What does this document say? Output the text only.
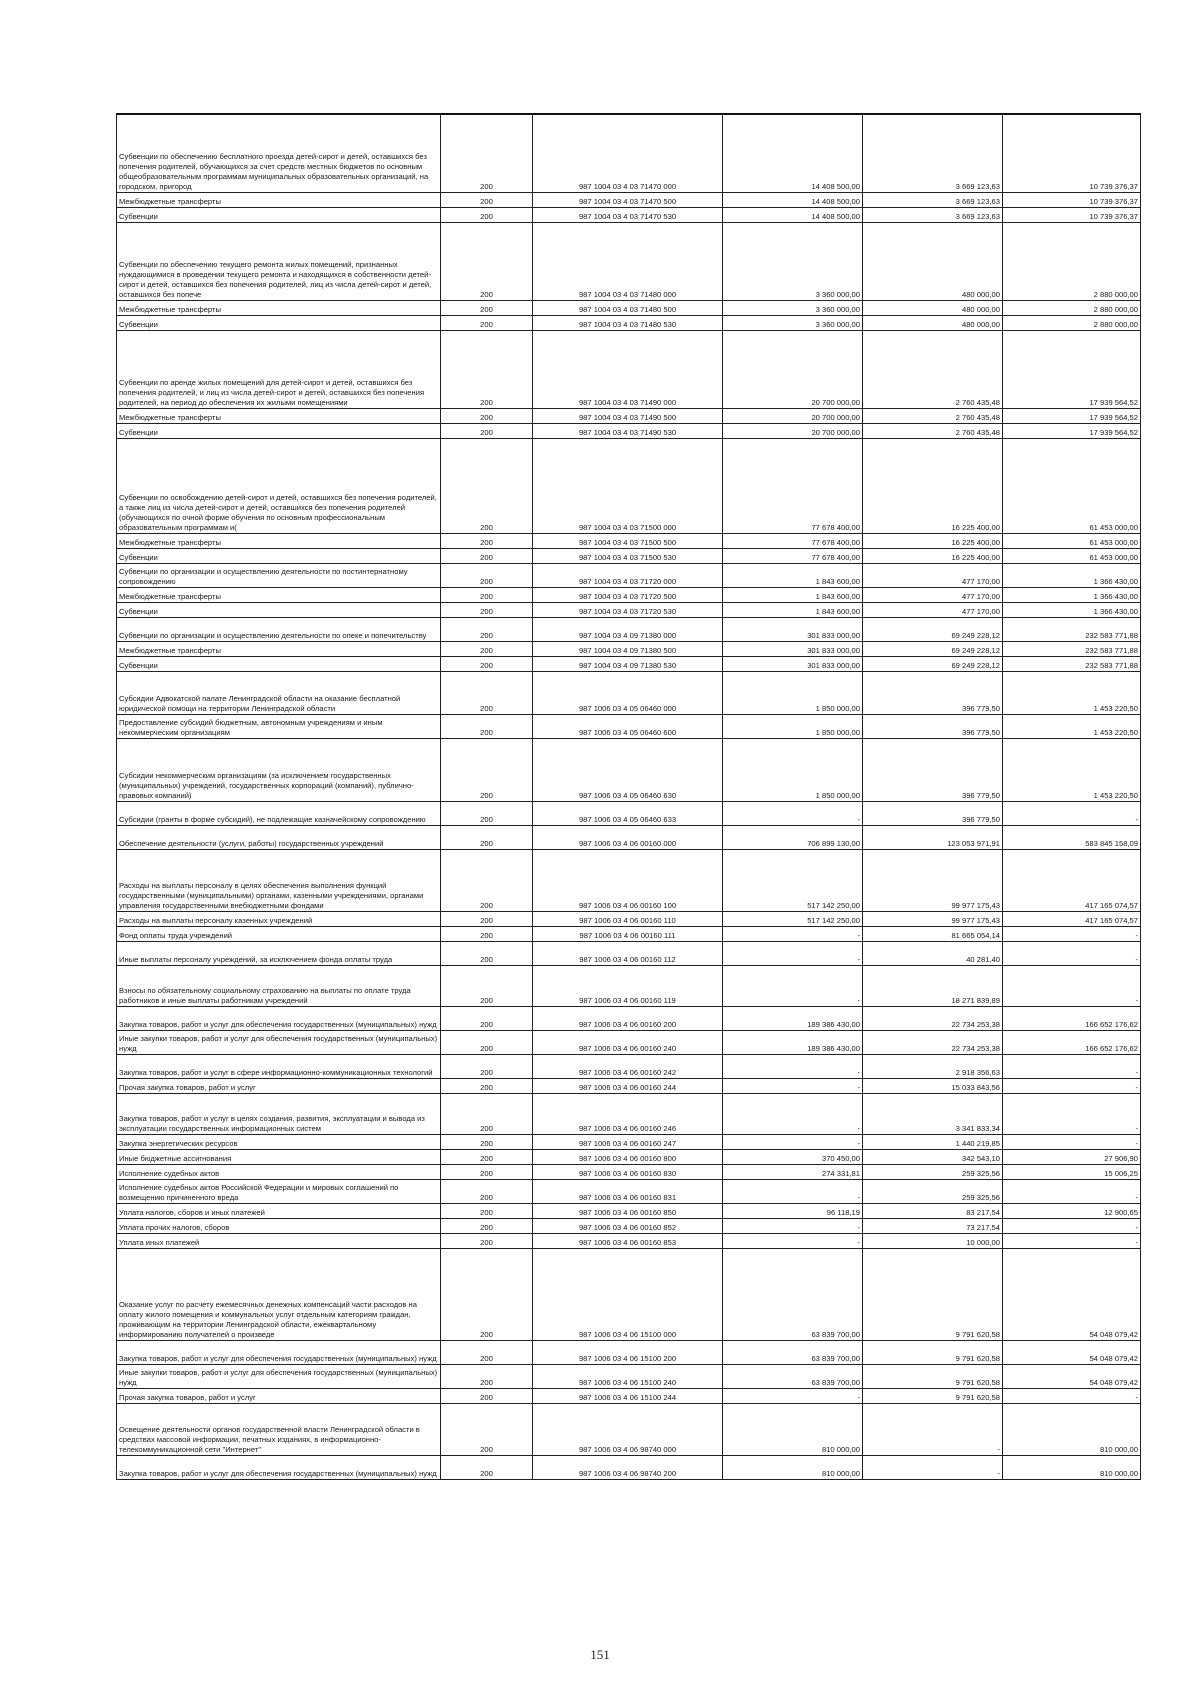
Субвенции по обеспечению бесплатного проезда детей-сирот и детей, оставшихся без попечения родителей, обучающихся за счет средств местных бюджетов по основным общеобразовательным программам муниципальных образовательных организаций, на городском, пригород	200	987 1004 03 4 03 71470 000	14 408 500,00	3 669 123,63	10 739 376,37
Межбюджетные трансферты	200	987 1004 03 4 03 71470 500	14 408 500,00	3 669 123,63	10 739 376,37
Субвенции	200	987 1004 03 4 03 71470 530	14 408 500,00	3 669 123,63	10 739 376,37
Субвенции по обеспечению текущего ремонта жилых помещений, признанных нуждающимися в проведении текущего ремонта и находящихся в собственности детей-сирот и детей, оставшихся без попечения родителей, лиц из числа детей-сирот и детей, оставшихся без попече	200	987 1004 03 4 03 71480 000	3 360 000,00	480 000,00	2 880 000,00
Межбюджетные трансферты	200	987 1004 03 4 03 71480 500	3 360 000,00	480 000,00	2 880 000,00
Субвенции	200	987 1004 03 4 03 71480 530	3 360 000,00	480 000,00	2 880 000,00
Субвенции по аренде жилых помещений для детей-сирот и детей, оставшихся без попечения родителей, и лиц из числа детей-сирот и детей, оставшихся без попечения родителей, на период до обеспечения их жилыми помещениями	200	987 1004 03 4 03 71490 000	20 700 000,00	2 760 435,48	17 939 564,52
Межбюджетные трансферты	200	987 1004 03 4 03 71490 500	20 700 000,00	2 760 435,48	17 939 564,52
Субвенции	200	987 1004 03 4 03 71490 530	20 700 000,00	2 760 435,48	17 939 564,52
Субвенции по освобождению детей-сирот и детей, оставшихся без попечения родителей, а также лиц из числа детей-сирот и детей, оставшихся без попечения родителей (обучающихся по очной форме обучения по основным профессиональным образовательным программам и(	200	987 1004 03 4 03 71500 000	77 678 400,00	16 225 400,00	61 453 000,00
Межбюджетные трансферты	200	987 1004 03 4 03 71500 500	77 678 400,00	16 225 400,00	61 453 000,00
Субвенции	200	987 1004 03 4 03 71500 530	77 678 400,00	16 225 400,00	61 453 000,00
Субвенции по организации и осуществлению деятельности по постинтернатному сопровождению	200	987 1004 03 4 03 71720 000	1 843 600,00	477 170,00	1 366 430,00
Межбюджетные трансферты	200	987 1004 03 4 03 71720 500	1 843 600,00	477 170,00	1 366 430,00
Субвенции	200	987 1004 03 4 03 71720 530	1 843 600,00	477 170,00	1 366 430,00
Субвенции по организации и осуществлению деятельности по опеке и попечительству	200	987 1004 03 4 09 71380 000	301 833 000,00	69 249 228,12	232 583 771,88
Межбюджетные трансферты	200	987 1004 03 4 09 71380 500	301 833 000,00	69 249 228,12	232 583 771,88
Субвенции	200	987 1004 03 4 09 71380 530	301 833 000,00	69 249 228,12	232 583 771,88
Субсидии Адвокатской палате Ленинградской области на оказание бесплатной юридической помощи на территории Ленинградской области	200	987 1006 03 4 05 06460 000	1 850 000,00	396 779,50	1 453 220,50
Предоставление субсидий бюджетным, автономным учреждениям и иным некоммерческим организациям	200	987 1006 03 4 05 06460 600	1 850 000,00	396 779,50	1 453 220,50
Субсидии некоммерческим организациям (за исключением государственных (муниципальных) учреждений, государственных корпораций (компаний), публично-правовых компаний)	200	987 1006 03 4 05 06460 630	1 850 000,00	396 779,50	1 453 220,50
Субсидии (гранты в форме субсидий), не подлежащие казначейскому сопровождению	200	987 1006 03 4 05 06460 633	-	396 779,50	-
Обеспечение деятельности (услуги, работы) государственных учреждений	200	987 1006 03 4 06 00160 000	706 899 130,00	123 053 971,91	583 845 158,09
Расходы на выплаты персоналу в целях обеспечения выполнения функций государственными (муниципальными) органами, казенными учреждениями, органами управления государственными внебюджетными фондами	200	987 1006 03 4 06 00160 100	517 142 250,00	99 977 175,43	417 165 074,57
Расходы на выплаты персоналу казенных учреждений	200	987 1006 03 4 06 00160 110	517 142 250,00	99 977 175,43	417 165 074,57
Фонд оплаты труда учреждений	200	987 1006 03 4 06 00160 111	-	81 665 054,14	-
Иные выплаты персоналу учреждений, за исключением фонда оплаты труда	200	987 1006 03 4 06 00160 112	-	40 281,40	-
Взносы по обязательному социальному страхованию на выплаты по оплате труда работников и иные выплаты работникам учреждений	200	987 1006 03 4 06 00160 119	-	18 271 839,89	-
Закупка товаров, работ и услуг для обеспечения государственных (муниципальных) нужд	200	987 1006 03 4 06 00160 200	189 386 430,00	22 734 253,38	166 652 176,62
Иные закупки товаров, работ и услуг для обеспечения государственных (муниципальных) нужд	200	987 1006 03 4 06 00160 240	189 386 430,00	22 734 253,38	166 652 176,62
Закупка товаров, работ и услуг в сфере информационно-коммуникационных технологий	200	987 1006 03 4 06 00160 242	-	2 918 356,63	-
Прочая закупка товаров, работ и услуг	200	987 1006 03 4 06 00160 244	-	15 033 843,56	-
Закупка товаров, работ и услуг в целях создания, развития, эксплуатации и вывода из эксплуатации государственных информационных систем	200	987 1006 03 4 06 00160 246	-	3 341 833,34	-
Закупка энергетических ресурсов	200	987 1006 03 4 06 00160 247	-	1 440 219,85	-
Иные бюджетные ассигнования	200	987 1006 03 4 06 00160 800	370 450,00	342 543,10	27 906,90
Исполнение судебных актов	200	987 1006 03 4 06 00160 830	274 331,81	259 325,56	15 006,25
Исполнение судебных актов Российской Федерации и мировых соглашений по возмещению причиненного вреда	200	987 1006 03 4 06 00160 831	-	259 325,56	-
Уплата налогов, сборов и иных платежей	200	987 1006 03 4 06 00160 850	96 118,19	83 217,54	12 900,65
Уплата прочих налогов, сборов	200	987 1006 03 4 06 00160 852	-	73 217,54	-
Уплата иных платежей	200	987 1006 03 4 06 00160 853	-	10 000,00	-
Оказание услуг по расчету ежемесячных денежных компенсаций части расходов на оплату жилого помещения и коммунальных услуг отдельным категориям граждан, проживающим на территории Ленинградской области, ежеквартальному информированию получателей о произведе	200	987 1006 03 4 06 15100 000	63 839 700,00	9 791 620,58	54 048 079,42
Закупка товаров, работ и услуг для обеспечения государственных (муниципальных) нужд	200	987 1006 03 4 06 15100 200	63 839 700,00	9 791 620,58	54 048 079,42
Иные закупки товаров, работ и услуг для обеспечения государственных (муниципальных) нужд	200	987 1006 03 4 06 15100 240	63 839 700,00	9 791 620,58	54 048 079,42
Прочая закупка товаров, работ и услуг	200	987 1006 03 4 06 15100 244	-	9 791 620,58	-
Освещение деятельности органов государственной власти Ленинградской области в средствах массовой информации, печатных изданиях, в информационно-телекоммуникационной сети "Интернет"	200	987 1006 03 4 06 98740 000	810 000,00	-	810 000,00
Закупка товаров, работ и услуг для обеспечения государственных (муниципальных) нужд	200	987 1006 03 4 06 98740 200	810 000,00	-	810 000,00
151
